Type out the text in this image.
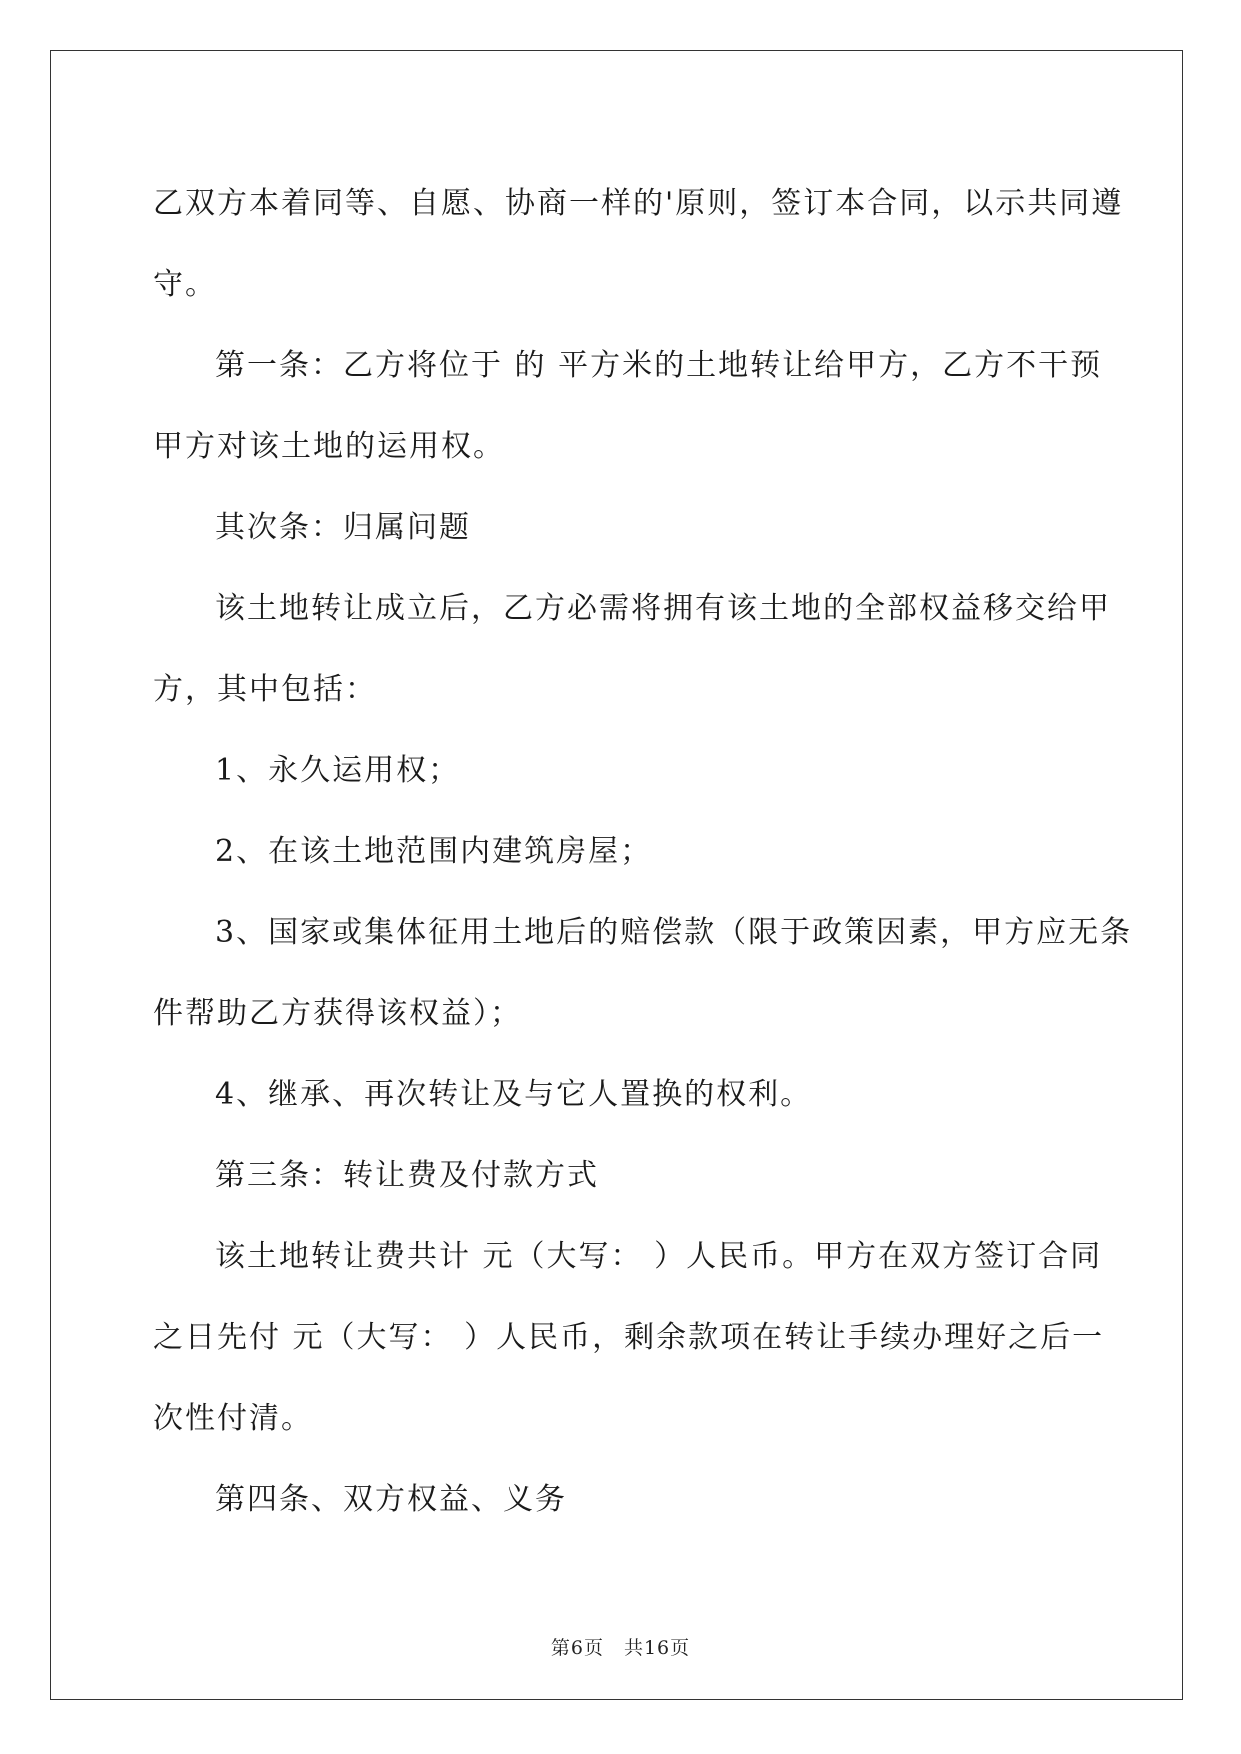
乙双方本着同等、自愿、协商一样的'原则，签订本合同，以示共同遵
守。
第一条：乙方将位于 的 平方米的土地转让给甲方，乙方不干预
甲方对该土地的运用权。
其次条：归属问题
该土地转让成立后，乙方必需将拥有该土地的全部权益移交给甲
方，其中包括：
1、永久运用权；
2、在该土地范围内建筑房屋；
3、国家或集体征用土地后的赔偿款（限于政策因素，甲方应无条
件帮助乙方获得该权益）；
4、继承、再次转让及与它人置换的权利。
第三条：转让费及付款方式
该土地转让费共计 元（大写： ）人民币。甲方在双方签订合同
之日先付 元（大写： ）人民币，剩余款项在转让手续办理好之后一
次性付清。
第四条、双方权益、义务
第6页　共16页
